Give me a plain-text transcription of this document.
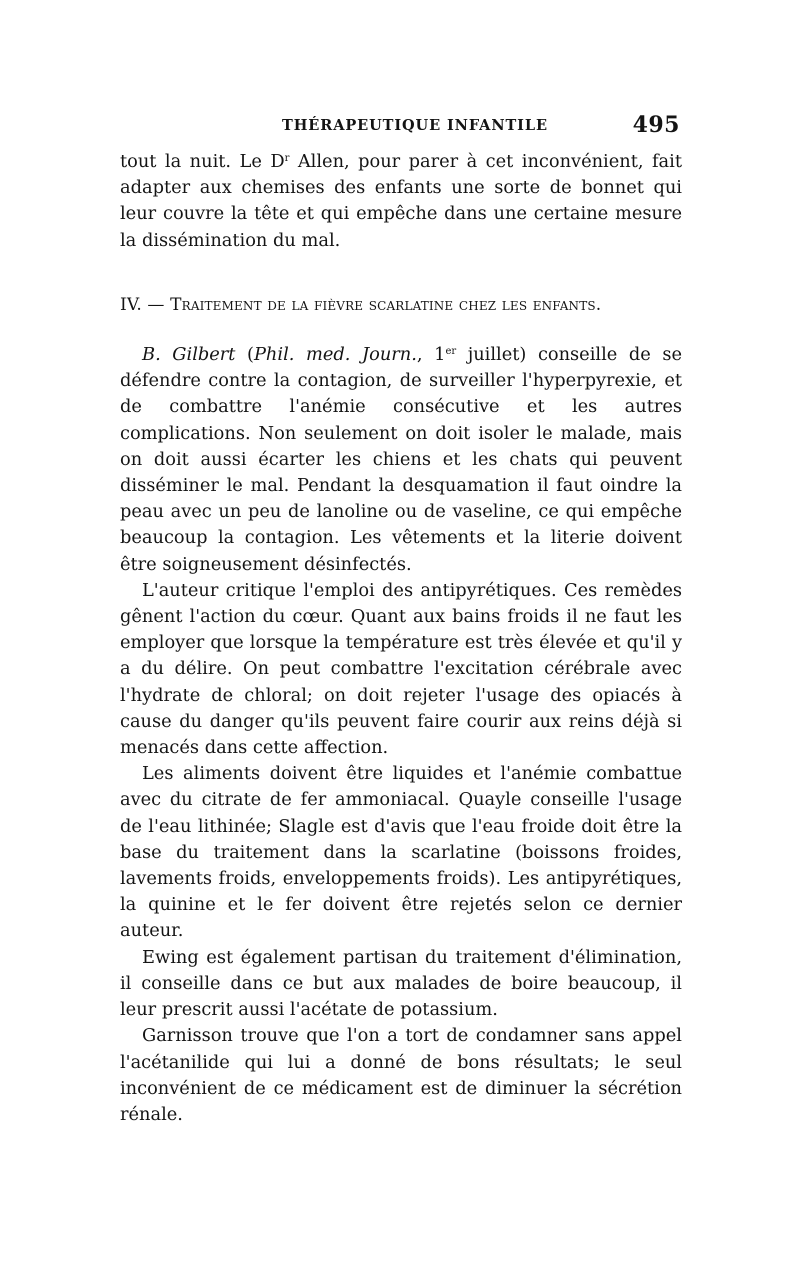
THÉRAPEUTIQUE INFANTILE	495

tout la nuit. Le $D^r$ Allen, pour parer à cet inconvénient, fait adapter aux chemises des enfants une sorte de bonnet qui leur couvre la tête et qui empêche dans une certaine mesure la dissémination du mal.

IV. — Traitement de la fièvre scarlatine chez les enfants.

B. Gilbert (Phil. med. Journ., 1er juillet) conseille de se défendre contre la contagion, de surveiller l'hyperpyrexie, et de combattre l'anémie consécutive et les autres complications. Non seulement on doit isoler le malade, mais on doit aussi écarter les chiens et les chats qui peuvent disséminer le mal. Pendant la desquamation il faut oindre la peau avec un peu de lanoline ou de vaseline, ce qui empêche beaucoup la contagion. Les vêtements et la literie doivent être soigneusement désinfectés.

L'auteur critique l'emploi des antipyrétiques. Ces remèdes gênent l'action du cœur. Quant aux bains froids il ne faut les employer que lorsque la température est très élevée et qu'il y a du délire. On peut combattre l'excitation cérébrale avec l'hydrate de chloral; on doit rejeter l'usage des opiacés à cause du danger qu'ils peuvent faire courir aux reins déjà si menacés dans cette affection.

Les aliments doivent être liquides et l'anémie combattue avec du citrate de fer ammoniacal. Quayle conseille l'usage de l'eau lithinée; Slagle est d'avis que l'eau froide doit être la base du traitement dans la scarlatine (boissons froides, lavements froids, enveloppements froids). Les antipyrétiques, la quinine et le fer doivent être rejetés selon ce dernier auteur.

Ewing est également partisan du traitement d'élimination, il conseille dans ce but aux malades de boire beaucoup, il leur prescrit aussi l'acétate de potassium.

Garnisson trouve que l'on a tort de condamner sans appel l'acétanilide qui lui a donné de bons résultats; le seul inconvénient de ce médicament est de diminuer la sécrétion rénale.
